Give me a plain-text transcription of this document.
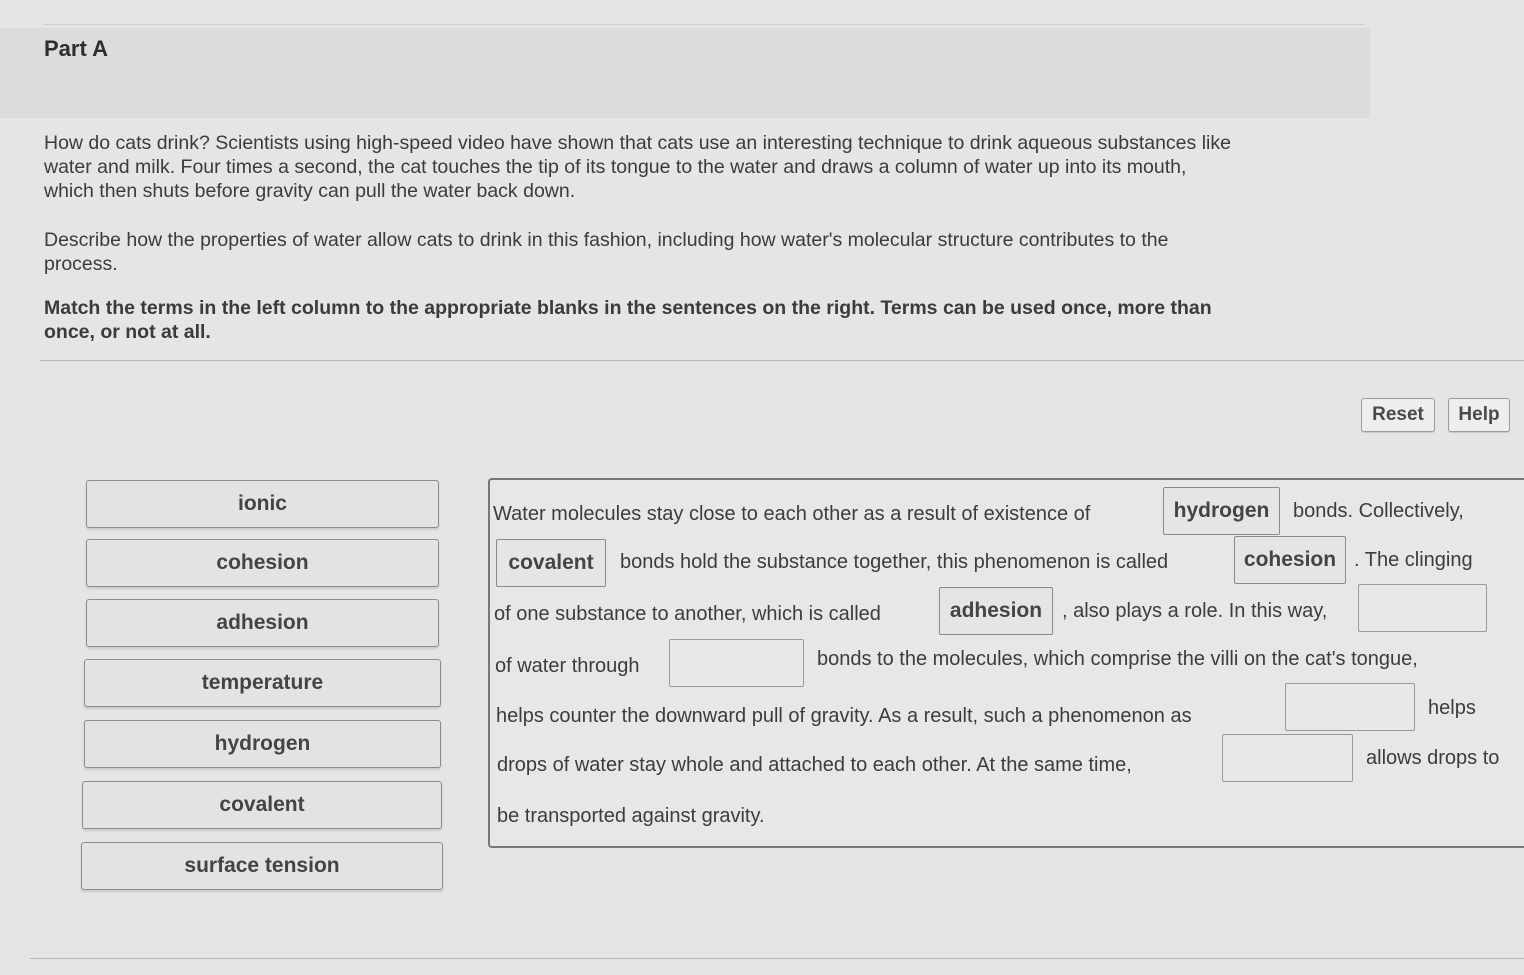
Part A

How do cats drink? Scientists using high-speed video have shown that cats use an interesting technique to drink aqueous substances like
water and milk. Four times a second, the cat touches the tip of its tongue to the water and draws a column of water up into its mouth,
which then shuts before gravity can pull the water back down.

Describe how the properties of water allow cats to drink in this fashion, including how water's molecular structure contributes to the
process.

Match the terms in the left column to the appropriate blanks in the sentences on the right. Terms can be used once, more than
once, or not at all.

Reset	Help
ionic
cohesion
adhesion
temperature
hydrogen
covalent
surface tension
Water molecules stay close to each other as a result of existence of	hydrogen	bonds. Collectively,
covalent	bonds hold the substance together, this phenomenon is called	cohesion . The clinging
of one substance to another, which is called	adhesion , also plays a role. In this way,
of water through	bonds to the molecules, which comprise the villi on the cat's tongue,
helps counter the downward pull of gravity. As a result, such a phenomenon as	helps
drops of water stay whole and attached to each other. At the same time,	allows drops to
be transported against gravity.
